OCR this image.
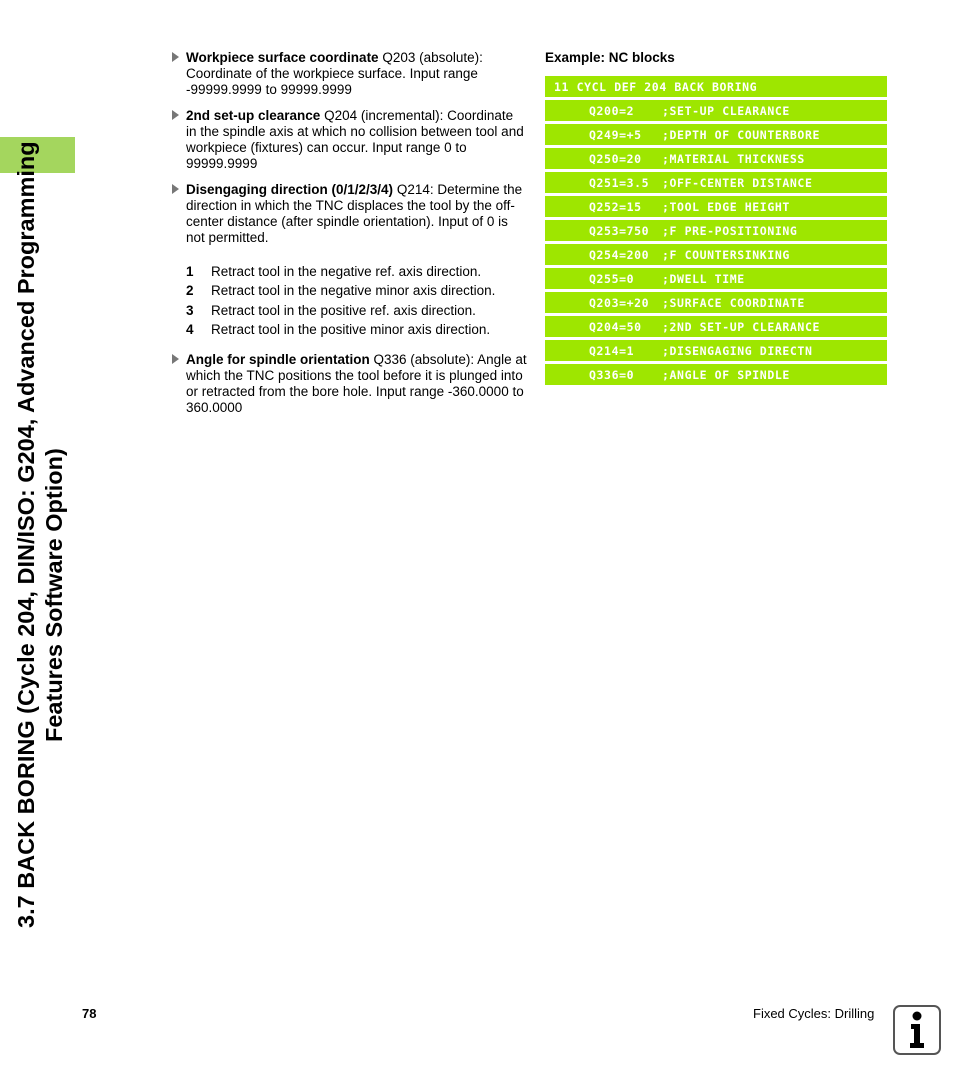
3.7 BACK BORING (Cycle 204, DIN/ISO: G204, Advanced Programming Features Software Option)
Workpiece surface coordinate Q203 (absolute): Coordinate of the workpiece surface. Input range -99999.9999 to 99999.9999
2nd set-up clearance Q204 (incremental): Coordinate in the spindle axis at which no collision between tool and workpiece (fixtures) can occur. Input range 0 to 99999.9999
Disengaging direction (0/1/2/3/4) Q214: Determine the direction in which the TNC displaces the tool by the off-center distance (after spindle orientation). Input of 0 is not permitted.
1	Retract tool in the negative ref. axis direction.
2	Retract tool in the negative minor axis direction.
3	Retract tool in the positive ref. axis direction.
4	Retract tool in the positive minor axis direction.
Angle for spindle orientation Q336 (absolute): Angle at which the TNC positions the tool before it is plunged into or retracted from the bore hole. Input range -360.0000 to 360.0000
Example: NC blocks
11 CYCL DEF 204 BACK BORING
Q200=2	;SET-UP CLEARANCE
Q249=+5	;DEPTH OF COUNTERBORE
Q250=20	;MATERIAL THICKNESS
Q251=3.5	;OFF-CENTER DISTANCE
Q252=15	;TOOL EDGE HEIGHT
Q253=750	;F PRE-POSITIONING
Q254=200	;F COUNTERSINKING
Q255=0	;DWELL TIME
Q203=+20	;SURFACE COORDINATE
Q204=50	;2ND SET-UP CLEARANCE
Q214=1	;DISENGAGING DIRECTN
Q336=0	;ANGLE OF SPINDLE
78	Fixed Cycles: Drilling
